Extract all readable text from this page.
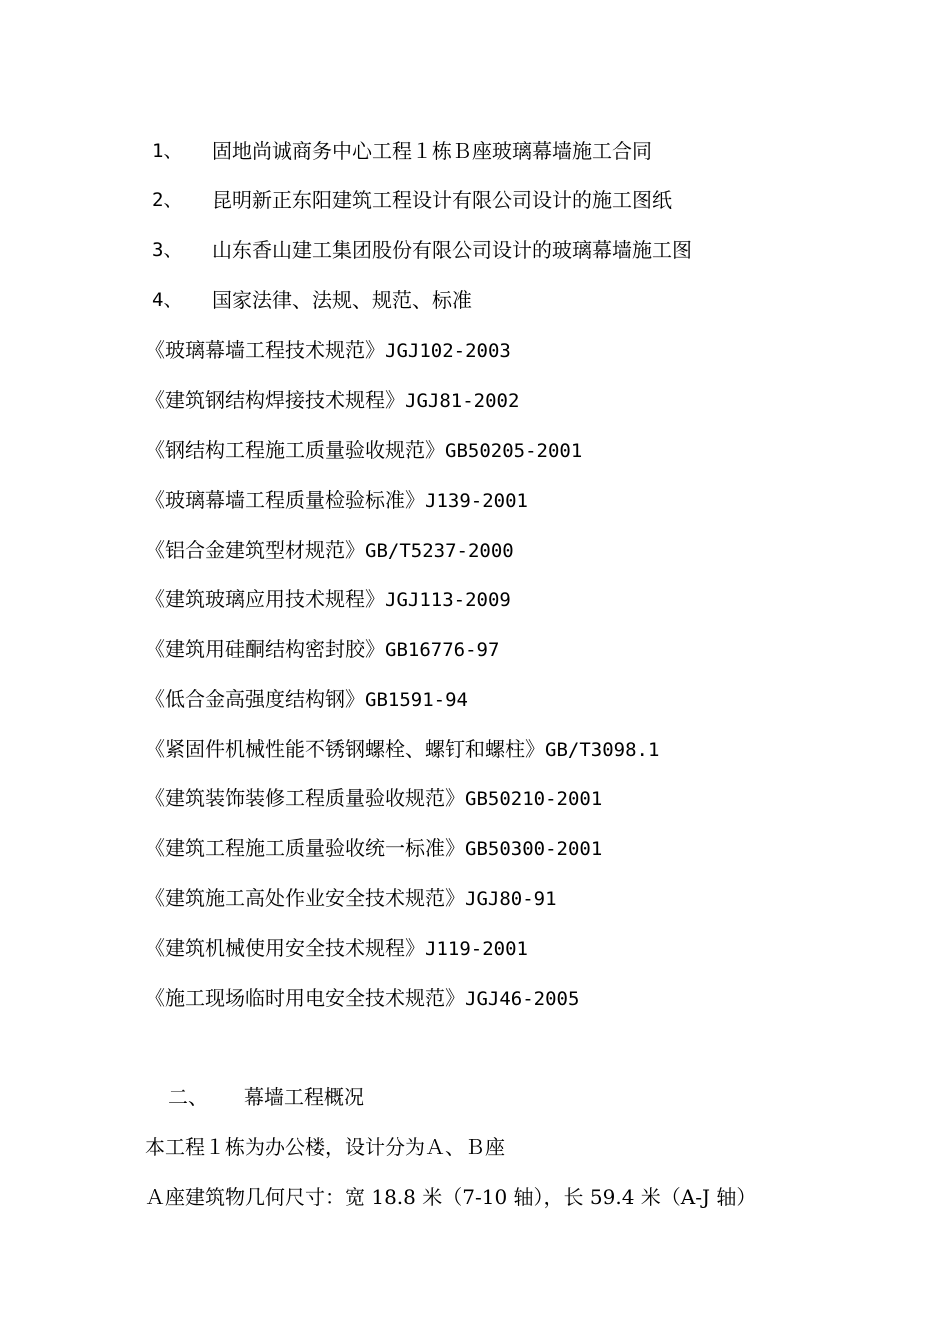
1、 固地尚诚商务中心工程１栋Ｂ座玻璃幕墙施工合同
2、 昆明新正东阳建筑工程设计有限公司设计的施工图纸
3、 山东香山建工集团股份有限公司设计的玻璃幕墙施工图
4、 国家法律、法规、规范、标准
《玻璃幕墙工程技术规范》JGJ102-2003
《建筑钢结构焊接技术规程》JGJ81-2002
《钢结构工程施工质量验收规范》GB50205-2001
《玻璃幕墙工程质量检验标准》J139-2001
《铝合金建筑型材规范》GB/T5237-2000
《建筑玻璃应用技术规程》JGJ113-2009
《建筑用硅酮结构密封胶》GB16776-97
《低合金高强度结构钢》GB1591-94
《紧固件机械性能不锈钢螺栓、螺钉和螺柱》GB/T3098.1
《建筑装饰装修工程质量验收规范》GB50210-2001
《建筑工程施工质量验收统一标准》GB50300-2001
《建筑施工高处作业安全技术规范》JGJ80-91
《建筑机械使用安全技术规程》J119-2001
《施工现场临时用电安全技术规范》JGJ46-2005
二、 幕墙工程概况
本工程１栋为办公楼，设计分为Ａ、Ｂ座
Ａ座建筑物几何尺寸：宽 18.8 米（7-10 轴），长 59.4 米（A-J 轴）
